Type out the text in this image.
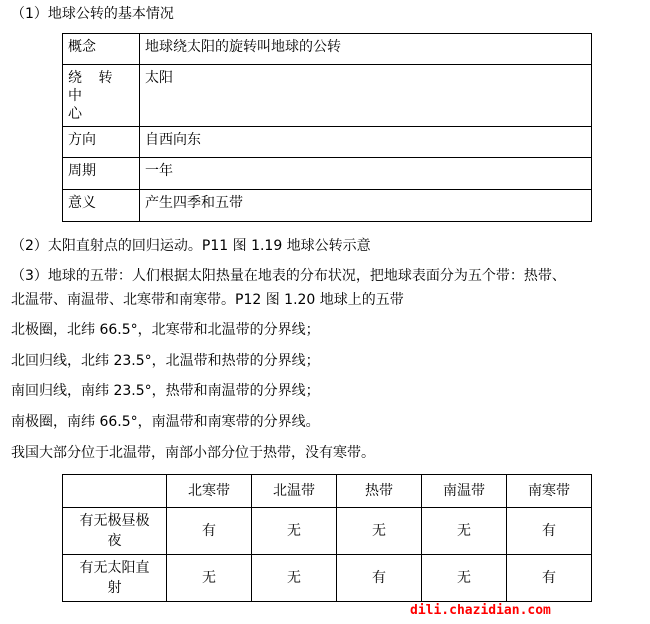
（1）地球公转的基本情况
概念	地球绕太阳的旋转叫地球的公转

绕 转 中
心	太阳
方向	自西向东
周期	一年
意义	产生四季和五带
（2）太阳直射点的回归运动。P11 图 1.19 地球公转示意
（3）地球的五带：人们根据太阳热量在地表的分布状况，把地球表面分为五个带：热带、
北温带、南温带、北寒带和南寒带。P12 图 1.20 地球上的五带
北极圈，北纬 66.5°，北寒带和北温带的分界线；
北回归线，北纬 23.5°，北温带和热带的分界线；
南回归线，南纬 23.5°，热带和南温带的分界线；
南极圈，南纬 66.5°，南温带和南寒带的分界线。
我国大部分位于北温带，南部小部分位于热带，没有寒带。
	北寒带	北温带	热带	南温带	南寒带

有无极昼极
夜	有	无	无	无	有

有无太阳直
射	无	无	有	无	有
dili.chazidian.com
